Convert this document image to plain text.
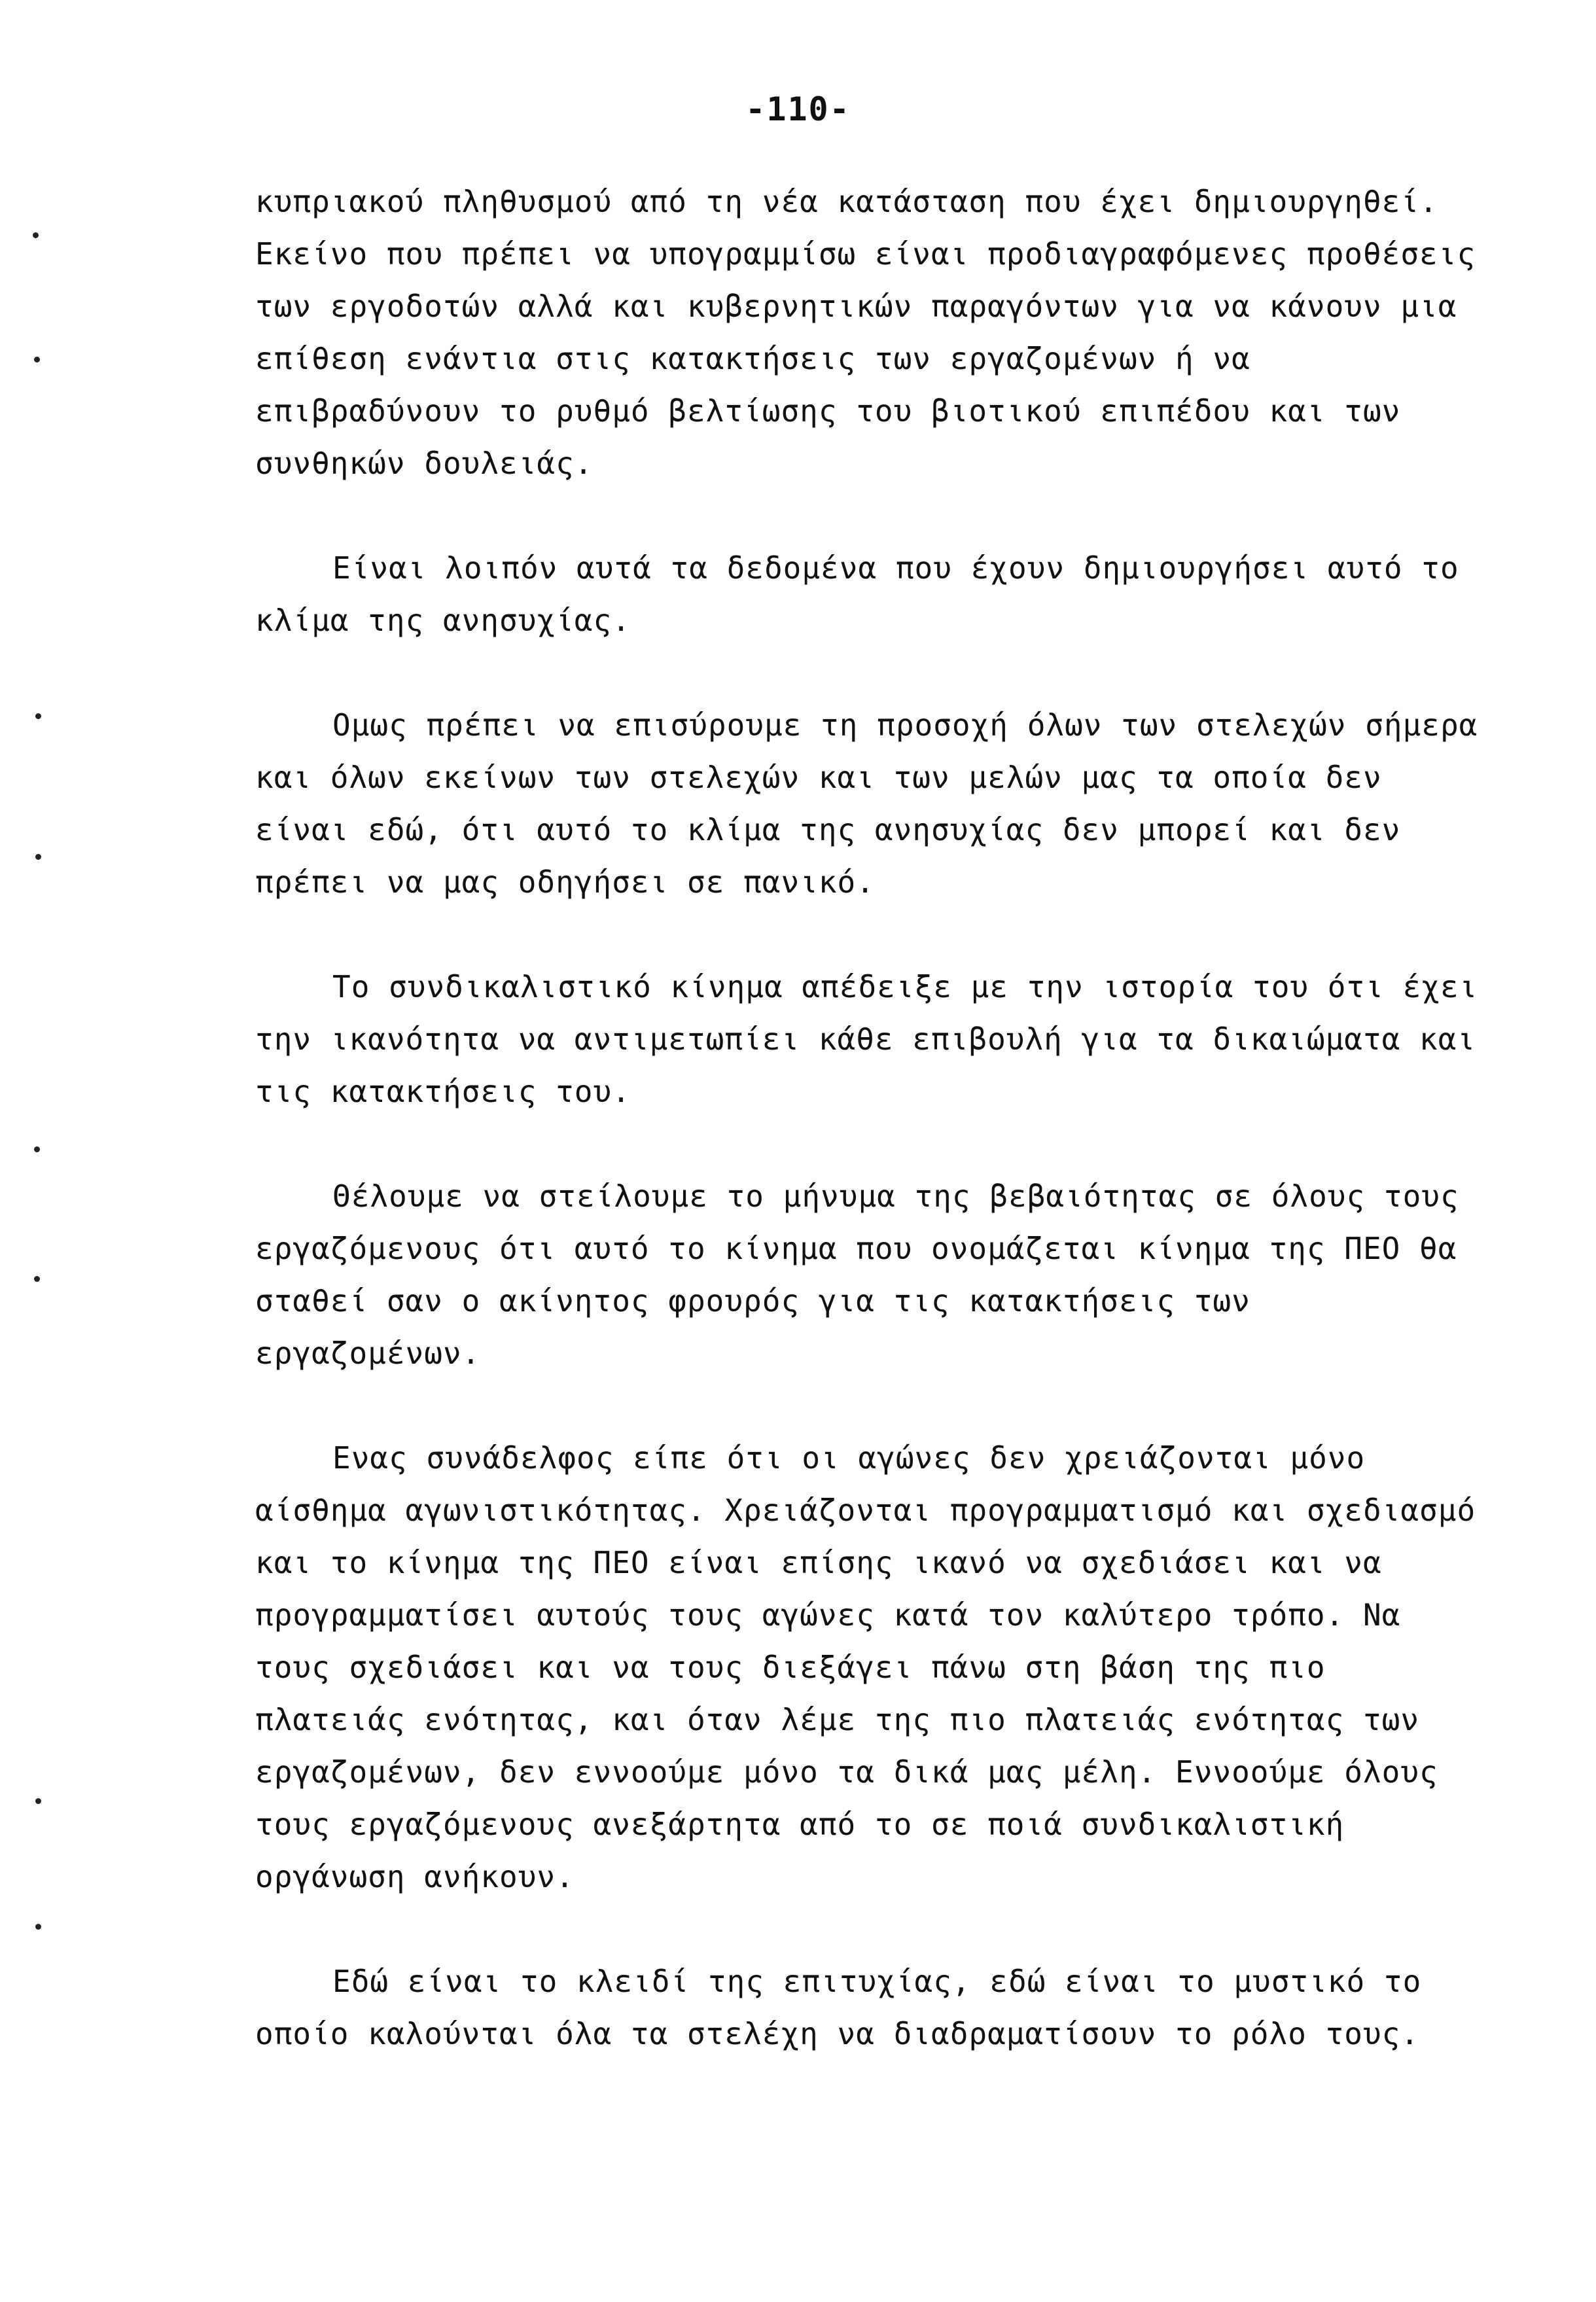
-110-
κυπριακού πληθυσμού από τη νέα κατάσταση που έχει δημιουργηθεί.
Εκείνο που πρέπει να υπογραμμίσω είναι προδιαγραφόμενες προθέσεις
των εργοδοτών αλλά και κυβερνητικών παραγόντων για να κάνουν μια
επίθεση ενάντια στις κατακτήσεις των εργαζομένων ή να
επιβραδύνουν το ρυθμό βελτίωσης του βιοτικού επιπέδου και των
συνθηκών δουλειάς.
Είναι λοιπόν αυτά τα δεδομένα που έχουν δημιουργήσει αυτό το
κλίμα της ανησυχίας.
Ομως πρέπει να επισύρουμε τη προσοχή όλων των στελεχών σήμερα
και όλων εκείνων των στελεχών και των μελών μας τα οποία δεν
είναι εδώ, ότι αυτό το κλίμα της ανησυχίας δεν μπορεί και δεν
πρέπει να μας οδηγήσει σε πανικό.
Το συνδικαλιστικό κίνημα απέδειξε με την ιστορία του ότι έχει
την ικανότητα να αντιμετωπίει κάθε επιβουλή για τα δικαιώματα και
τις κατακτήσεις του.
Θέλουμε να στείλουμε το μήνυμα της βεβαιότητας σε όλους τους
εργαζόμενους ότι αυτό το κίνημα που ονομάζεται κίνημα της ΠΕΟ θα
σταθεί σαν ο ακίνητος φρουρός για τις κατακτήσεις των
εργαζομένων.
Ενας συνάδελφος είπε ότι οι αγώνες δεν χρειάζονται μόνο
αίσθημα αγωνιστικότητας. Χρειάζονται προγραμματισμό και σχεδιασμό
και το κίνημα της ΠΕΟ είναι επίσης ικανό να σχεδιάσει και να
προγραμματίσει αυτούς τους αγώνες κατά τον καλύτερο τρόπο. Να
τους σχεδιάσει και να τους διεξάγει πάνω στη βάση της πιο
πλατειάς ενότητας, και όταν λέμε της πιο πλατειάς ενότητας των
εργαζομένων, δεν εννοούμε μόνο τα δικά μας μέλη. Εννοούμε όλους
τους εργαζόμενους ανεξάρτητα από το σε ποιά συνδικαλιστική
οργάνωση ανήκουν.
Εδώ είναι το κλειδί της επιτυχίας, εδώ είναι το μυστικό το
οποίο καλούνται όλα τα στελέχη να διαδραματίσουν το ρόλο τους.
